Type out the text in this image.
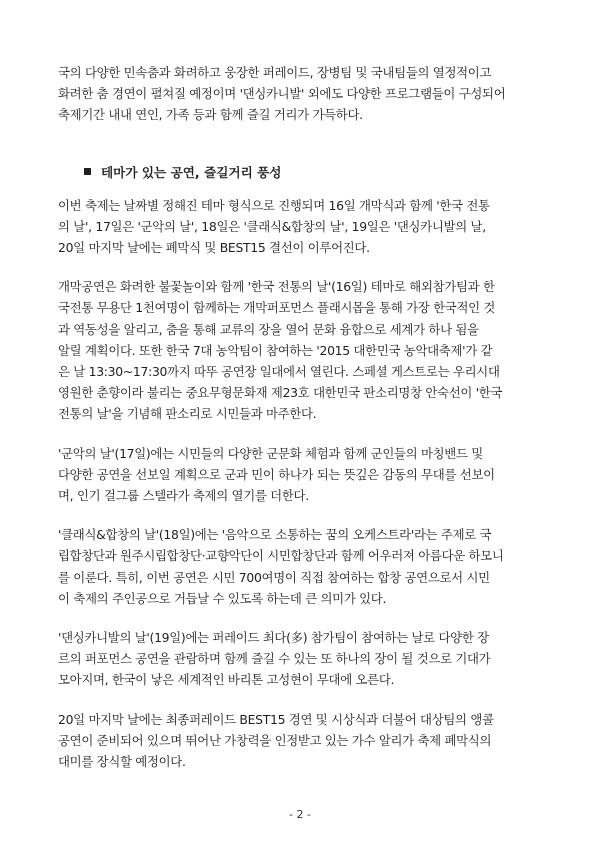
국의 다양한 민속춤과 화려하고 웅장한 퍼레이드, 장병팀 및 국내팀들의 열정적이고
화려한 춤 경연이 펼쳐질 예정이며 '댄싱카니발' 외에도 다양한 프로그램들이 구성되어
축제기간 내내 연인, 가족 등과 함께 즐길 거리가 가득하다.

테마가 있는 공연, 즐길거리 풍성

이번 축제는 날짜별 정해진 테마 형식으로 진행되며 16일 개막식과 함께 '한국 전통
의 날', 17일은 '군악의 날', 18일은 '클래식&합창의 날', 19일은 '댄싱카니발의 날,
20일 마지막 날에는 폐막식 및 BEST15 결선이 이루어진다.

개막공연은 화려한 불꽃놀이와 함께 '한국 전통의 날'(16일) 테마로 해외참가팀과 한
국전통 무용단 1천여명이 함께하는 개막퍼포먼스 플래시몹을 통해 가장 한국적인 것
과 역동성을 알리고, 춤을 통해 교류의 장을 열어 문화 융합으로 세계가 하나 됨을
알릴 계획이다. 또한 한국 7대 농악팀이 참여하는 '2015 대한민국 농악대축제'가 같
은 날 13:30~17:30까지 따뚜 공연장 일대에서 열린다. 스페셜 게스트로는 우리시대
영원한 춘향이라 불리는 중요무형문화재 제23호 대한민국 판소리명창 안숙선이 '한국
전통의 날'을 기념해 판소리로 시민들과 마주한다.

'군악의 날'(17일)에는 시민들의 다양한 군문화 체험과 함께 군인들의 마칭밴드 및
다양한 공연을 선보일 계획으로 군과 민이 하나가 되는 뜻깊은 감동의 무대를 선보이
며, 인기 걸그룹 스텔라가 축제의 열기를 더한다.

'클래식&합창의 날'(18일)에는 '음악으로 소통하는 꿈의 오케스트라'라는 주제로 국
립합창단과 원주시립합창단·교향악단이 시민합창단과 함께 어우러져 아름다운 하모니
를 이룬다. 특히, 이번 공연은 시민 700여명이 직접 참여하는 합창 공연으로서 시민
이 축제의 주인공으로 거듭날 수 있도록 하는데 큰 의미가 있다.

'댄싱카니발의 날'(19일)에는 퍼레이드 최다(多) 참가팀이 참여하는 날로 다양한 장
르의 퍼포먼스 공연을 관람하며 함께 즐길 수 있는 또 하나의 장이 될 것으로 기대가
모아지며, 한국이 낳은 세계적인 바리톤 고성현이 무대에 오른다.

20일 마지막 날에는 최종퍼레이드 BEST15 경연 및 시상식과 더불어 대상팀의 앵콜
공연이 준비되어 있으며 뛰어난 가창력을 인정받고 있는 가수 알리가 축제 폐막식의
대미를 장식할 예정이다.

- 2 -
